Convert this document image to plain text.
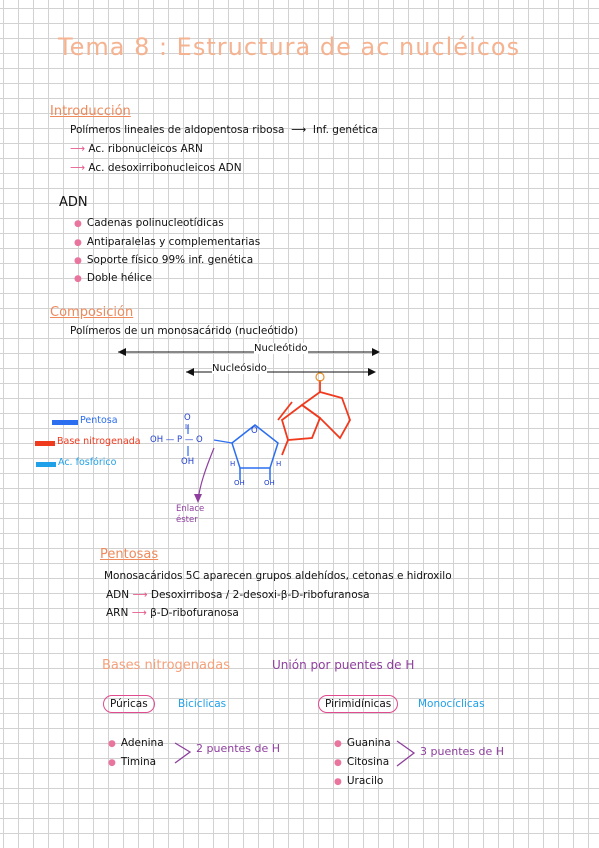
Tema 8 : Estructura de ac nucléicos
Introducción
Polímeros lineales de aldopentosa ribosa  ⟶  Inf. genética
⟶ Ac. ribonucleicos ARN
⟶ Ac. desoxirribonucleicos ADN
ADN
● Cadenas polinucleotídicas
● Antiparalelas y complementarias
● Soporte físico 99% inf. genética
● Doble hélice
Composición
Polímeros de un monosacárido (nucleótido)
Nucleótido
Nucleósido
Pentosa
Base nitrogenada
Ac. fosfórico
O
II
OH — P — O
OH
O
H	H
OH	OH
Enlace
éster
Pentosas
Monosacáridos 5C aparecen grupos aldehídos, cetonas e hidroxilo
ADN ⟶ Desoxirribosa / 2-desoxi-β-D-ribofuranosa
ARN ⟶ β-D-ribofuranosa
Bases nitrogenadas	Unión por puentes de H
Púricas	Bicíclicas	Pirimidínicas	Monocíclicas
● Adenina
● Timina
2 puentes de H	● Guanina
● Citosina
● Uracilo
3 puentes de H
